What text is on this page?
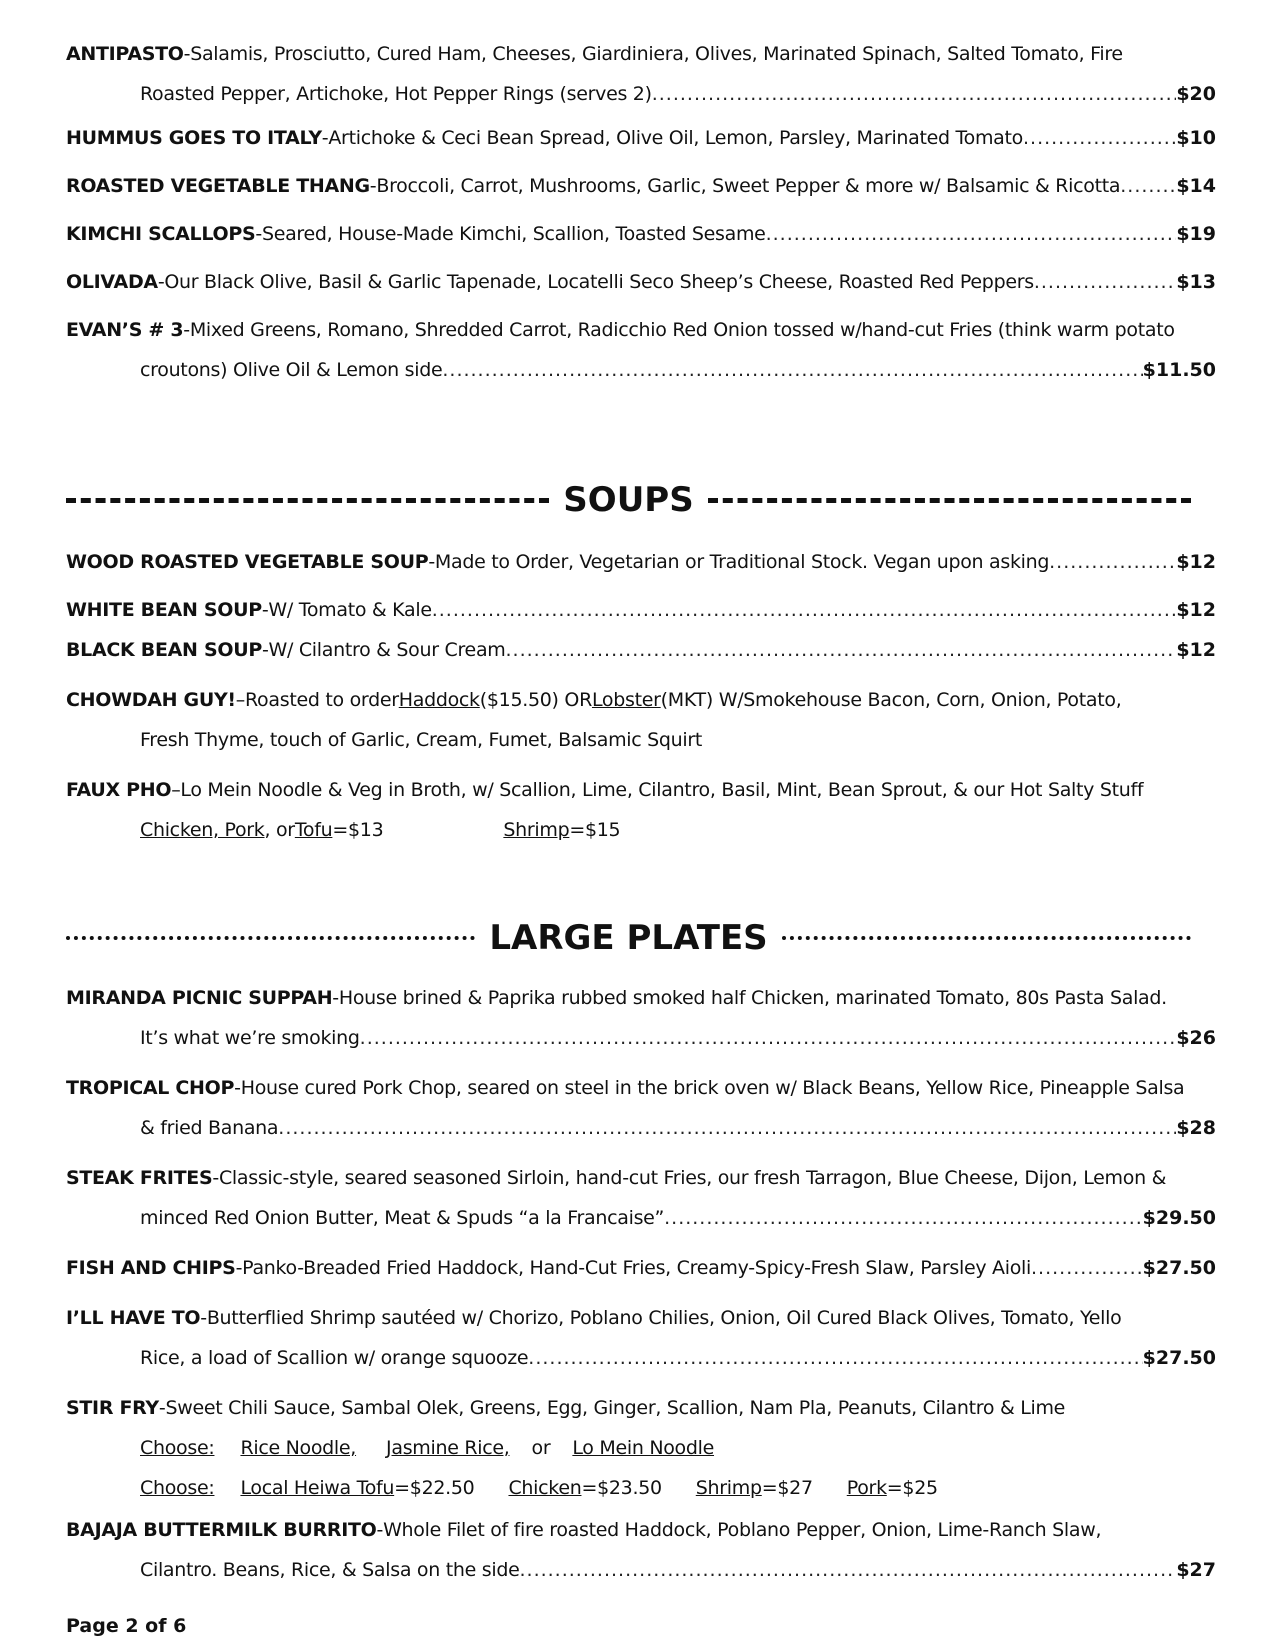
ANTIPASTO - Salamis, Prosciutto, Cured Ham, Cheeses, Giardiniera, Olives, Marinated Spinach, Salted Tomato, Fire
Roasted Pepper, Artichoke, Hot Pepper Rings (serves 2) .....	$20
HUMMUS GOES TO ITALY - Artichoke & Ceci Bean Spread, Olive Oil, Lemon, Parsley, Marinated Tomato .....	$10
ROASTED VEGETABLE THANG - Broccoli, Carrot, Mushrooms, Garlic, Sweet Pepper & more w/ Balsamic & Ricotta .....	$14
KIMCHI SCALLOPS - Seared, House-Made Kimchi, Scallion, Toasted Sesame .....	$19
OLIVADA - Our Black Olive, Basil & Garlic Tapenade, Locatelli Seco Sheep’s Cheese, Roasted Red Peppers .....	$13
EVAN’S # 3 - Mixed Greens, Romano, Shredded Carrot, Radicchio Red Onion tossed w/hand-cut Fries (think warm potato
croutons) Olive Oil & Lemon side .....	$11.50
SOUPS
WOOD ROASTED VEGETABLE SOUP - Made to Order, Vegetarian or Traditional Stock. Vegan upon asking .....	$12
WHITE BEAN SOUP - W/ Tomato & Kale .....	$12
BLACK BEAN SOUP - W/ Cilantro & Sour Cream .....	$12
CHOWDAH GUY! – Roasted to order Haddock ($15.50) OR Lobster (MKT) W/Smokehouse Bacon, Corn, Onion, Potato,
Fresh Thyme, touch of Garlic, Cream, Fumet, Balsamic Squirt
FAUX PHO – Lo Mein Noodle & Veg in Broth, w/ Scallion, Lime, Cilantro, Basil, Mint, Bean Sprout, & our Hot Salty Stuff
Chicken, Pork , or Tofu =$13	Shrimp =$15
LARGE PLATES
MIRANDA PICNIC SUPPAH - House brined & Paprika rubbed smoked half Chicken, marinated Tomato, 80s Pasta Salad.
It’s what we’re smoking .....	$26
TROPICAL CHOP - House cured Pork Chop, seared on steel in the brick oven w/ Black Beans, Yellow Rice, Pineapple Salsa
& fried Banana .....	$28
STEAK FRITES - Classic-style, seared seasoned Sirloin, hand-cut Fries, our fresh Tarragon, Blue Cheese, Dijon, Lemon &
minced Red Onion Butter, Meat & Spuds “a la Francaise” .....	$29.50
FISH AND CHIPS - Panko-Breaded Fried Haddock, Hand-Cut Fries, Creamy-Spicy-Fresh Slaw, Parsley Aioli .....	$27.50
I’LL HAVE TO - Butterflied Shrimp sautéed w/ Chorizo, Poblano Chilies, Onion, Oil Cured Black Olives, Tomato, Yello
Rice, a load of Scallion w/ orange squooze .....	$27.50
STIR FRY - Sweet Chili Sauce, Sambal Olek, Greens, Egg, Ginger, Scallion, Nam Pla, Peanuts, Cilantro & Lime
Choose: Rice Noodle, Jasmine Rice, or Lo Mein Noodle
Choose: Local Heiwa Tofu =$22.50 Chicken =$23.50 Shrimp =$27 Pork =$25
BAJAJA BUTTERMILK BURRITO - Whole Filet of fire roasted Haddock, Poblano Pepper, Onion, Lime-Ranch Slaw,
Cilantro. Beans, Rice, & Salsa on the side .....	$27
Page 2 of 6
